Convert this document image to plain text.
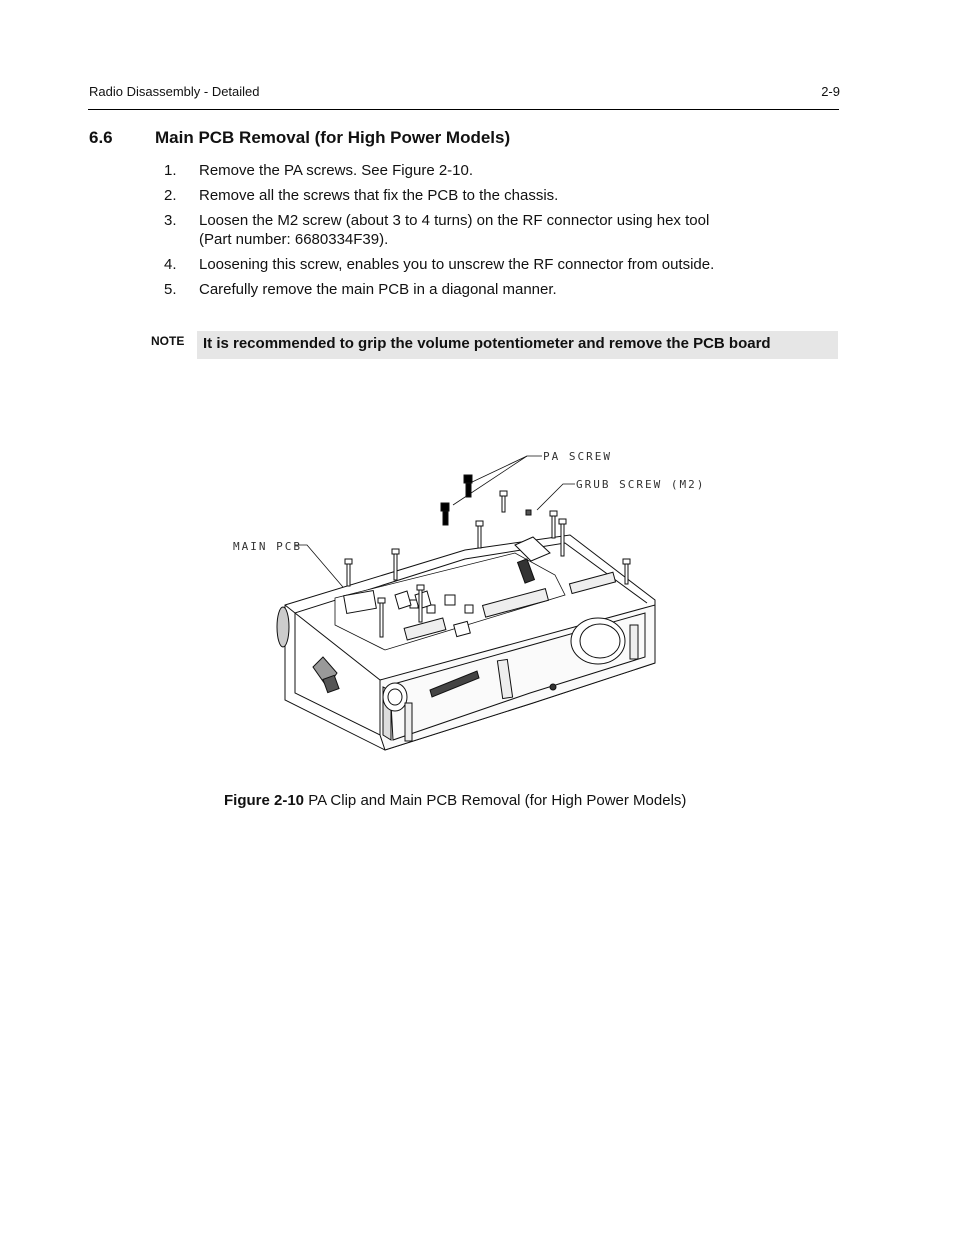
Radio Disassembly - Detailed	2-9
6.6 Main PCB Removal (for High Power Models)
1.	Remove the PA screws. See Figure 2-10.
2.	Remove all the screws that fix the PCB to the chassis.
3.	Loosen the M2 screw (about 3 to 4 turns) on the RF connector using hex tool
(Part number: 6680334F39).
4.	Loosening this screw, enables you to unscrew the RF connector from outside.
5.	Carefully remove the main PCB in a diagonal manner.
NOTE	It is recommended to grip the volume potentiometer and remove the PCB board
PA SCREW
GRUB SCREW (M2)
MAIN PCB
Figure 2-10 PA Clip and Main PCB Removal (for High Power Models)
